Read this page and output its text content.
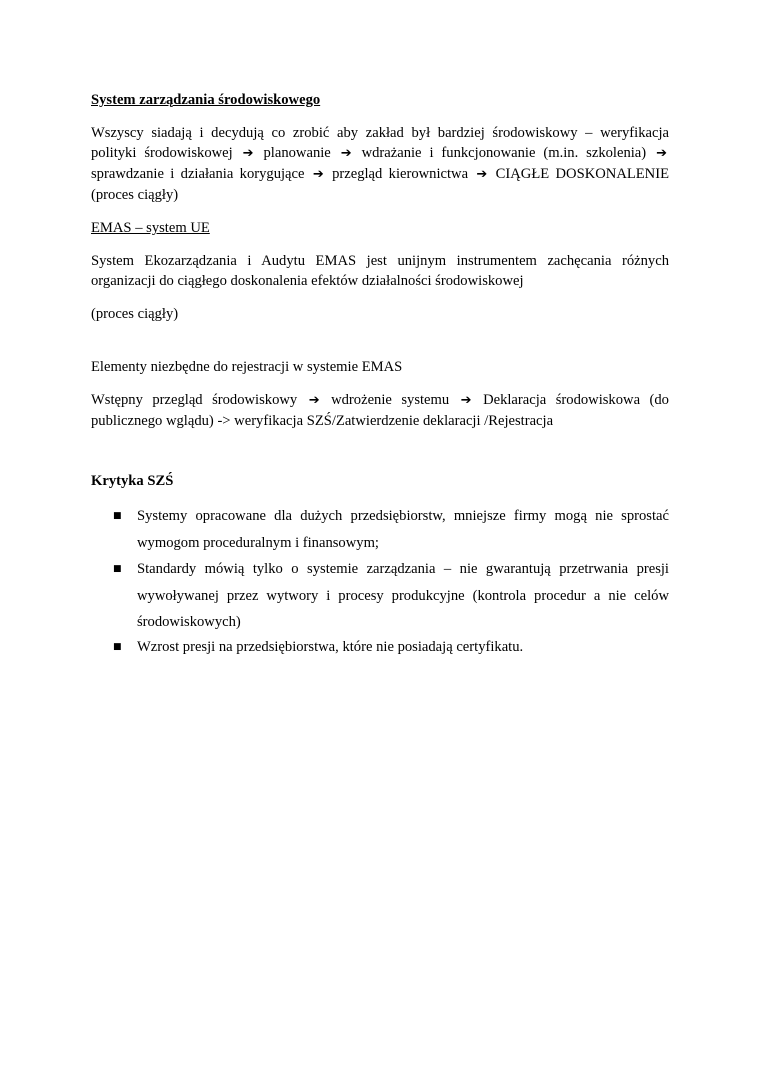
System zarządzania środowiskowego

Wszyscy siadają i decydują co zrobić aby zakład był bardziej środowiskowy – weryfikacja polityki środowiskowej ➔ planowanie ➔ wdrażanie i funkcjonowanie (m.in. szkolenia) ➔ sprawdzanie i działania korygujące ➔ przegląd kierownictwa ➔ CIĄGŁE DOSKONALENIE (proces ciągły)

EMAS – system UE

System Ekozarządzania i Audytu EMAS jest unijnym instrumentem zachęcania różnych organizacji do ciągłego doskonalenia efektów działalności środowiskowej

(proces ciągły)

Elementy niezbędne do rejestracji w systemie EMAS

Wstępny przegląd środowiskowy ➔ wdrożenie systemu ➔ Deklaracja środowiskowa (do publicznego wglądu) -> weryfikacja SZŚ/Zatwierdzenie deklaracji /Rejestracja

Krytyka SZŚ

■ Systemy opracowane dla dużych przedsiębiorstw, mniejsze firmy mogą nie sprostać wymogom proceduralnym i finansowym;
■ Standardy mówią tylko o systemie zarządzania – nie gwarantują przetrwania presji wywoływanej przez wytwory i procesy produkcyjne (kontrola procedur a nie celów środowiskowych)
■ Wzrost presji na przedsiębiorstwa, które nie posiadają certyfikatu.
